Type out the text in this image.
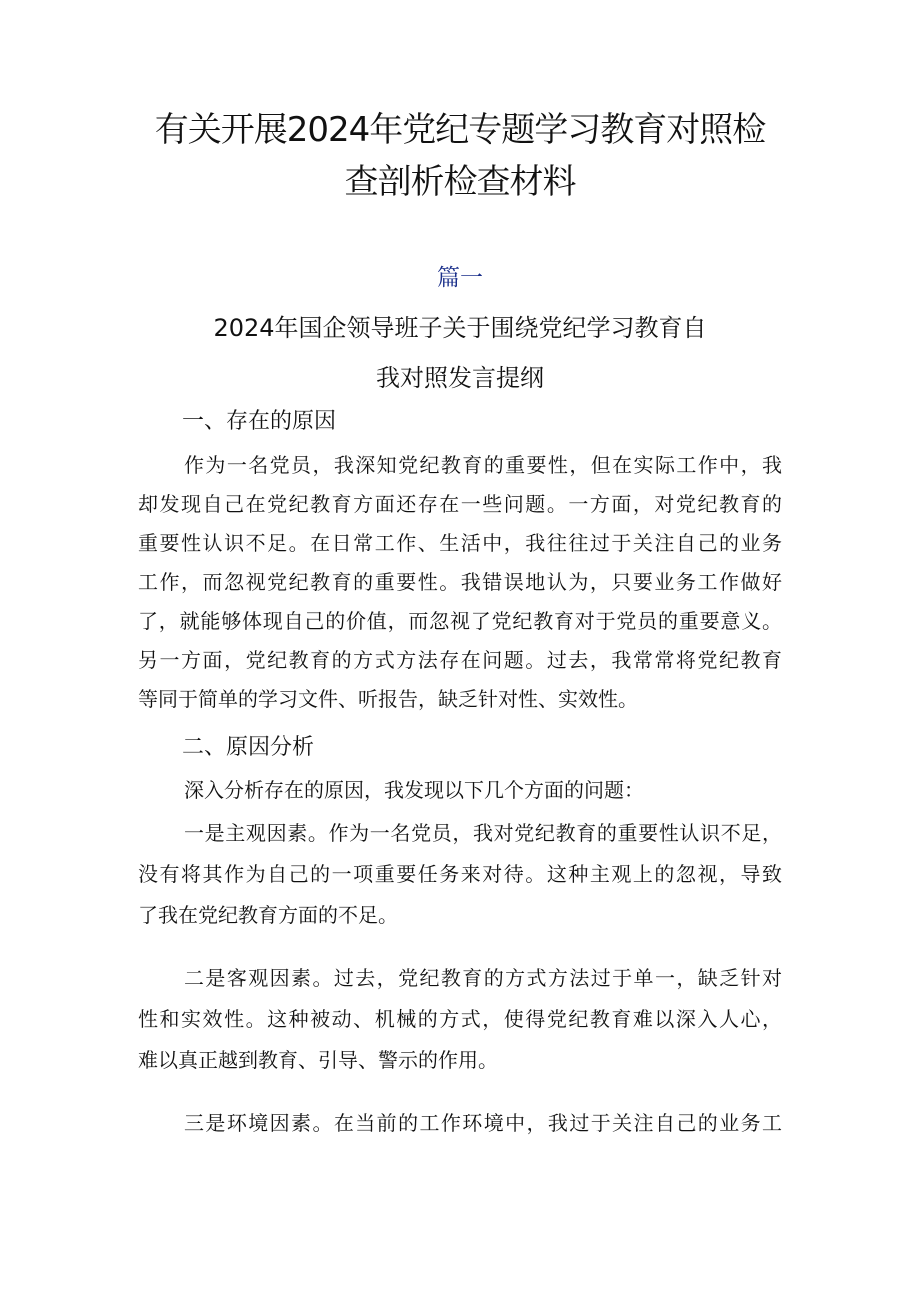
有关开展2024年党纪专题学习教育对照检
查剖析检查材料
篇一
2024年国企领导班子关于围绕党纪学习教育自
我对照发言提纲
一、存在的原因
作为一名党员，我深知党纪教育的重要性，但在实际工作中，我
却发现自己在党纪教育方面还存在一些问题。一方面，对党纪教育的
重要性认识不足。在日常工作、生活中，我往往过于关注自己的业务
工作，而忽视党纪教育的重要性。我错误地认为，只要业务工作做好
了，就能够体现自己的价值，而忽视了党纪教育对于党员的重要意义。
另一方面，党纪教育的方式方法存在问题。过去，我常常将党纪教育
等同于简单的学习文件、听报告，缺乏针对性、实效性。
二、原因分析
深入分析存在的原因，我发现以下几个方面的问题：
一是主观因素。作为一名党员，我对党纪教育的重要性认识不足，
没有将其作为自己的一项重要任务来对待。这种主观上的忽视，导致
了我在党纪教育方面的不足。
二是客观因素。过去，党纪教育的方式方法过于单一，缺乏针对
性和实效性。这种被动、机械的方式，使得党纪教育难以深入人心，
难以真正越到教育、引导、警示的作用。
三是环境因素。在当前的工作环境中，我过于关注自己的业务工
